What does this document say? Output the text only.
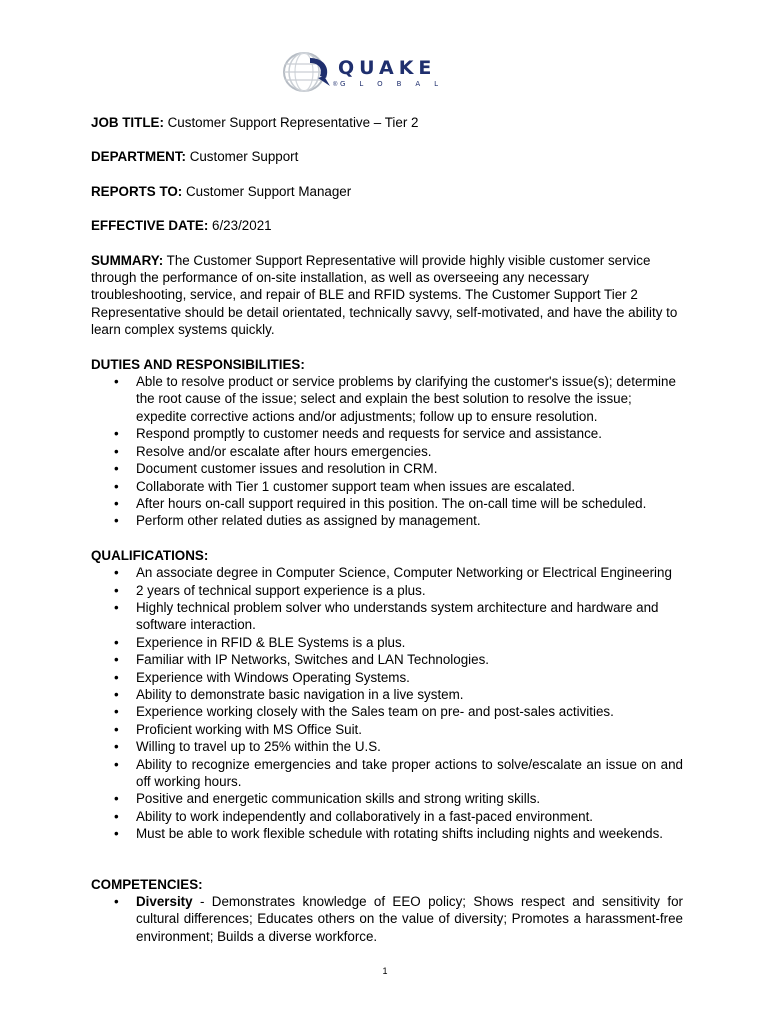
QUAKE
GLOBAL
®

JOB TITLE: Customer Support Representative – Tier 2

DEPARTMENT: Customer Support

REPORTS TO: Customer Support Manager

EFFECTIVE DATE: 6/23/2021

SUMMARY: The Customer Support Representative will provide highly visible customer service through the performance of on-site installation, as well as overseeing any necessary troubleshooting, service, and repair of BLE and RFID systems. The Customer Support Tier 2 Representative should be detail orientated, technically savvy, self-motivated, and have the ability to learn complex systems quickly.

DUTIES AND RESPONSIBILITIES:

• Able to resolve product or service problems by clarifying the customer's issue(s); determine the root cause of the issue; select and explain the best solution to resolve the issue; expedite corrective actions and/or adjustments; follow up to ensure resolution.
• Respond promptly to customer needs and requests for service and assistance.
• Resolve and/or escalate after hours emergencies.
• Document customer issues and resolution in CRM.
• Collaborate with Tier 1 customer support team when issues are escalated.
• After hours on-call support required in this position. The on-call time will be scheduled.
• Perform other related duties as assigned by management.

QUALIFICATIONS:

• An associate degree in Computer Science, Computer Networking or Electrical Engineering
• 2 years of technical support experience is a plus.
• Highly technical problem solver who understands system architecture and hardware and software interaction.
• Experience in RFID & BLE Systems is a plus.
• Familiar with IP Networks, Switches and LAN Technologies.
• Experience with Windows Operating Systems.
• Ability to demonstrate basic navigation in a live system.
• Experience working closely with the Sales team on pre- and post-sales activities.
• Proficient working with MS Office Suit.
• Willing to travel up to 25% within the U.S.
• Ability to recognize emergencies and take proper actions to solve/escalate an issue on and off working hours.
• Positive and energetic communication skills and strong writing skills.
• Ability to work independently and collaboratively in a fast-paced environment.
• Must be able to work flexible schedule with rotating shifts including nights and weekends.

COMPETENCIES:

• Diversity - Demonstrates knowledge of EEO policy; Shows respect and sensitivity for cultural differences; Educates others on the value of diversity; Promotes a harassment-free environment; Builds a diverse workforce.
1
